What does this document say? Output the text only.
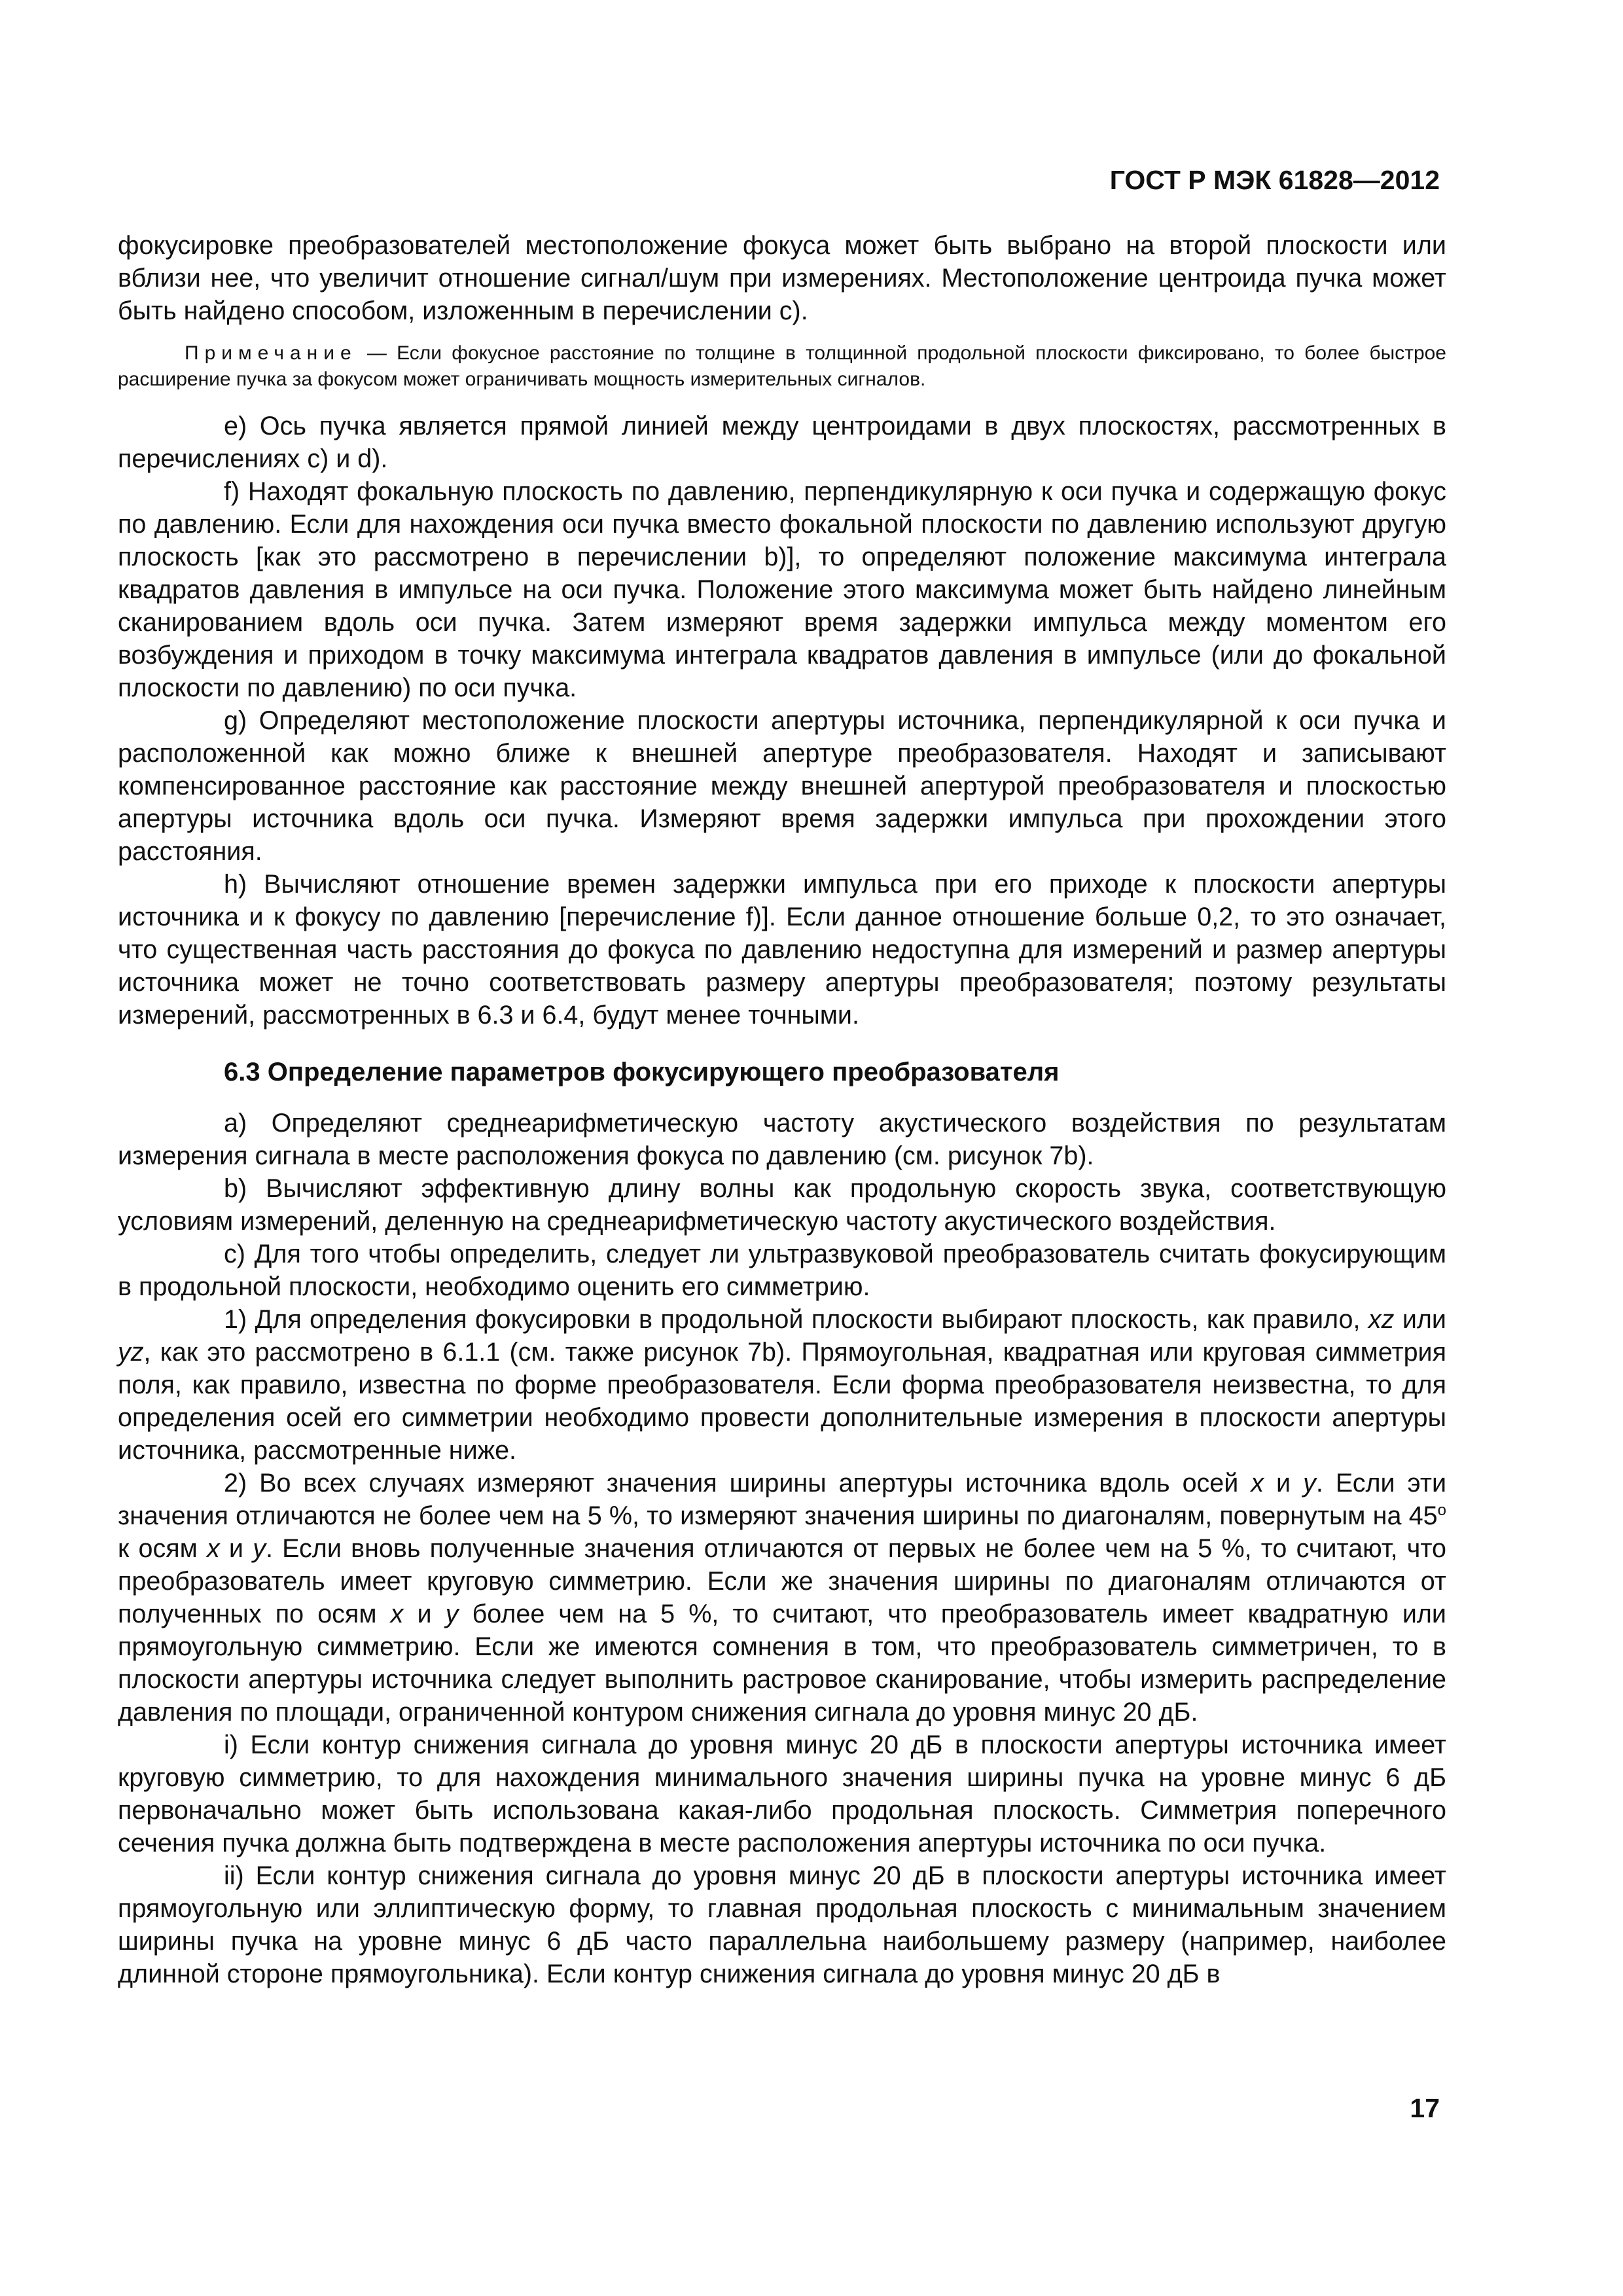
ГОСТ Р МЭК 61828—2012

фокусировке преобразователей местоположение фокуса может быть выбрано на второй плоскости или вблизи нее, что увеличит отношение сигнал/шум при измерениях. Местоположение центроида пучка может быть найдено способом, изложенным в перечислении с).

Примечание — Если фокусное расстояние по толщине в толщинной продольной плоскости фиксировано, то более быстрое расширение пучка за фокусом может ограничивать мощность измерительных сигналов.

е) Ось пучка является прямой линией между центроидами в двух плоскостях, рассмотренных в перечислениях с) и d).

f) Находят фокальную плоскость по давлению, перпендикулярную к оси пучка и содержащую фокус по давлению. Если для нахождения оси пучка вместо фокальной плоскости по давлению используют другую плоскость [как это рассмотрено в перечислении b)], то определяют положение максимума интеграла квадратов давления в импульсе на оси пучка. Положение этого максимума может быть найдено линейным сканированием вдоль оси пучка. Затем измеряют время задержки импульса между моментом его возбуждения и приходом в точку максимума интеграла квадратов давления в импульсе (или до фокальной плоскости по давлению) по оси пучка.

g) Определяют местоположение плоскости апертуры источника, перпендикулярной к оси пучка и расположенной как можно ближе к внешней апертуре преобразователя. Находят и записывают компенсированное расстояние как расстояние между внешней апертурой преобразователя и плоскостью апертуры источника вдоль оси пучка. Измеряют время задержки импульса при прохождении этого расстояния.

h) Вычисляют отношение времен задержки импульса при его приходе к плоскости апертуры источника и к фокусу по давлению [перечисление f)]. Если данное отношение больше 0,2, то это означает, что существенная часть расстояния до фокуса по давлению недоступна для измерений и размер апертуры источника может не точно соответствовать размеру апертуры преобразователя; поэтому результаты измерений, рассмотренных в 6.3 и 6.4, будут менее точными.

6.3 Определение параметров фокусирующего преобразователя

а) Определяют среднеарифметическую частоту акустического воздействия по результатам измерения сигнала в месте расположения фокуса по давлению (см. рисунок 7b).

b) Вычисляют эффективную длину волны как продольную скорость звука, соответствующую условиям измерений, деленную на среднеарифметическую частоту акустического воздействия.

с) Для того чтобы определить, следует ли ультразвуковой преобразователь считать фокусирующим в продольной плоскости, необходимо оценить его симметрию.

1) Для определения фокусировки в продольной плоскости выбирают плоскость, как правило, xz или yz, как это рассмотрено в 6.1.1 (см. также рисунок 7b). Прямоугольная, квадратная или круговая симметрия поля, как правило, известна по форме преобразователя. Если форма преобразователя неизвестна, то для определения осей его симметрии необходимо провести дополнительные измерения в плоскости апертуры источника, рассмотренные ниже.

2) Во всех случаях измеряют значения ширины апертуры источника вдоль осей x и y. Если эти значения отличаются не более чем на 5 %, то измеряют значения ширины по диагоналям, повернутым на 45$^o$ к осям x и y. Если вновь полученные значения отличаются от первых не более чем на 5 %, то считают, что преобразователь имеет круговую симметрию. Если же значения ширины по диагоналям отличаются от полученных по осям x и y более чем на 5 %, то считают, что преобразователь имеет квадратную или прямоугольную симметрию. Если же имеются сомнения в том, что преобразователь симметричен, то в плоскости апертуры источника следует выполнить растровое сканирование, чтобы измерить распределение давления по площади, ограниченной контуром снижения сигнала до уровня минус 20 дБ.

i) Если контур снижения сигнала до уровня минус 20 дБ в плоскости апертуры источника имеет круговую симметрию, то для нахождения минимального значения ширины пучка на уровне минус 6 дБ первоначально может быть использована какая-либо продольная плоскость. Симметрия поперечного сечения пучка должна быть подтверждена в месте расположения апертуры источника по оси пучка.

ii) Если контур снижения сигнала до уровня минус 20 дБ в плоскости апертуры источника имеет прямоугольную или эллиптическую форму, то главная продольная плоскость с минимальным значением ширины пучка на уровне минус 6 дБ часто параллельна наибольшему размеру (например, наиболее длинной стороне прямоугольника). Если контур снижения сигнала до уровня минус 20 дБ в

17
